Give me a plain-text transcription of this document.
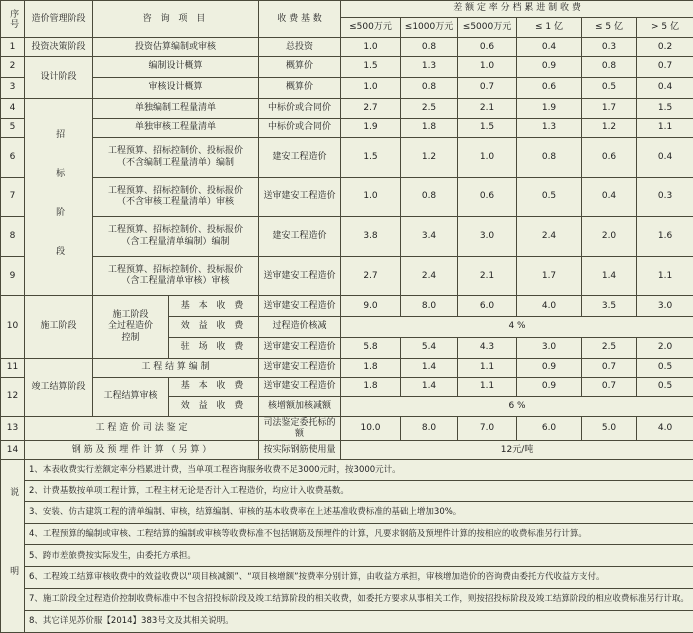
序号	造价管理阶段	咨 询 项 目		收 费 基 数	差 额 定 率 分 档 累 进 制 收 费					
					≤500万元	≤1000万元	≤5000万元	≤ 1 亿	≤ 5 亿	> 5 亿
1	投资决策阶段	投资估算编制或审核		总投资	1.0	0.8	0.6	0.4	0.3	0.2
2	设计阶段	编制设计概算		概算价	1.5	1.3	1.0	0.9	0.8	0.7
3		审核设计概算		概算价	1.0	0.8	0.7	0.6	0.5	0.4
4	招 标 阶 段	单独编制工程量清单		中标价或合同价	2.7	2.5	2.1	1.9	1.7	1.5
5		单独审核工程量清单		中标价或合同价	1.9	1.8	1.5	1.3	1.2	1.1
6		工程预算、招标控制价、投标报价
（不含编制工程量清单）编制		建安工程造价	1.5	1.2	1.0	0.8	0.6	0.4
7		工程预算、招标控制价、投标报价
（不含审核工程量清单）审核		送审建安工程造价	1.0	0.8	0.6	0.5	0.4	0.3
8		工程预算、招标控制价、投标报价
（含工程量清单编制）编制		建安工程造价	3.8	3.4	3.0	2.4	2.0	1.6
9		工程预算、招标控制价、投标报价
（含工程量清单审核）审核		送审建安工程造价	2.7	2.4	2.1	1.7	1.4	1.1
10	施工阶段	施工阶段
全过程造价
控制	基 本 收 费	送审建安工程造价	9.0	8.0	6.0	4.0	3.5	3.0
			效 益 收 费	过程造价核减	4 %					
			驻 场 收 费	送审建安工程造价	5.8	5.4	4.3	3.0	2.5	2.0
11	竣工结算阶段	工 程 结 算 编 制		送审建安工程造价	1.8	1.4	1.1	0.9	0.7	0.5
12		工程结算审核	基 本 收 费	送审建安工程造价	1.8	1.4	1.1	0.9	0.7	0.5
			效 益 收 费	核增额加核减额	6 %					
13	工 程 造 价 司 法 鉴 定			司法鉴定委托标的额	10.0	8.0	7.0	6.0	5.0	4.0
14	钢 筋 及 预 埋 件 计 算 （ 另 算 ）			按实际钢筋使用量	12元/吨					
说 明	1、本表收费实行差额定率分档累进计费，当单项工程咨询服务收费不足3000元时，按3000元计。									
	2、计费基数按单项工程计算，工程主材无论是否计入工程造价，均应计入收费基数。									
	3、安装、仿古建筑工程的清单编制、审核，结算编制、审核的基本收费率在上述基准收费标准的基础上增加30%。									
	4、工程预算的编制或审核、工程结算的编制或审核等收费标准不包括钢筋及预埋件的计算，凡要求钢筋及预埋件计算的按相应的收费标准另行计算。									
	5、跨市差旅费按实际发生，由委托方承担。									
	6、工程竣工结算审核收费中的效益收费以“项目核减额”、“项目核增额”按费率分别计算，由收益方承担，审核增加造价的咨询费由委托方代收益方支付。									
	7、施工阶段全过程造价控制收费标准中不包含招投标阶段及竣工结算阶段的相关收费，如委托方要求从事相关工作，则按招投标阶段及竣工结算阶段的相应收费标准另行计取。									
	8、其它详见苏价服【2014】383号文及其相关说明。									
